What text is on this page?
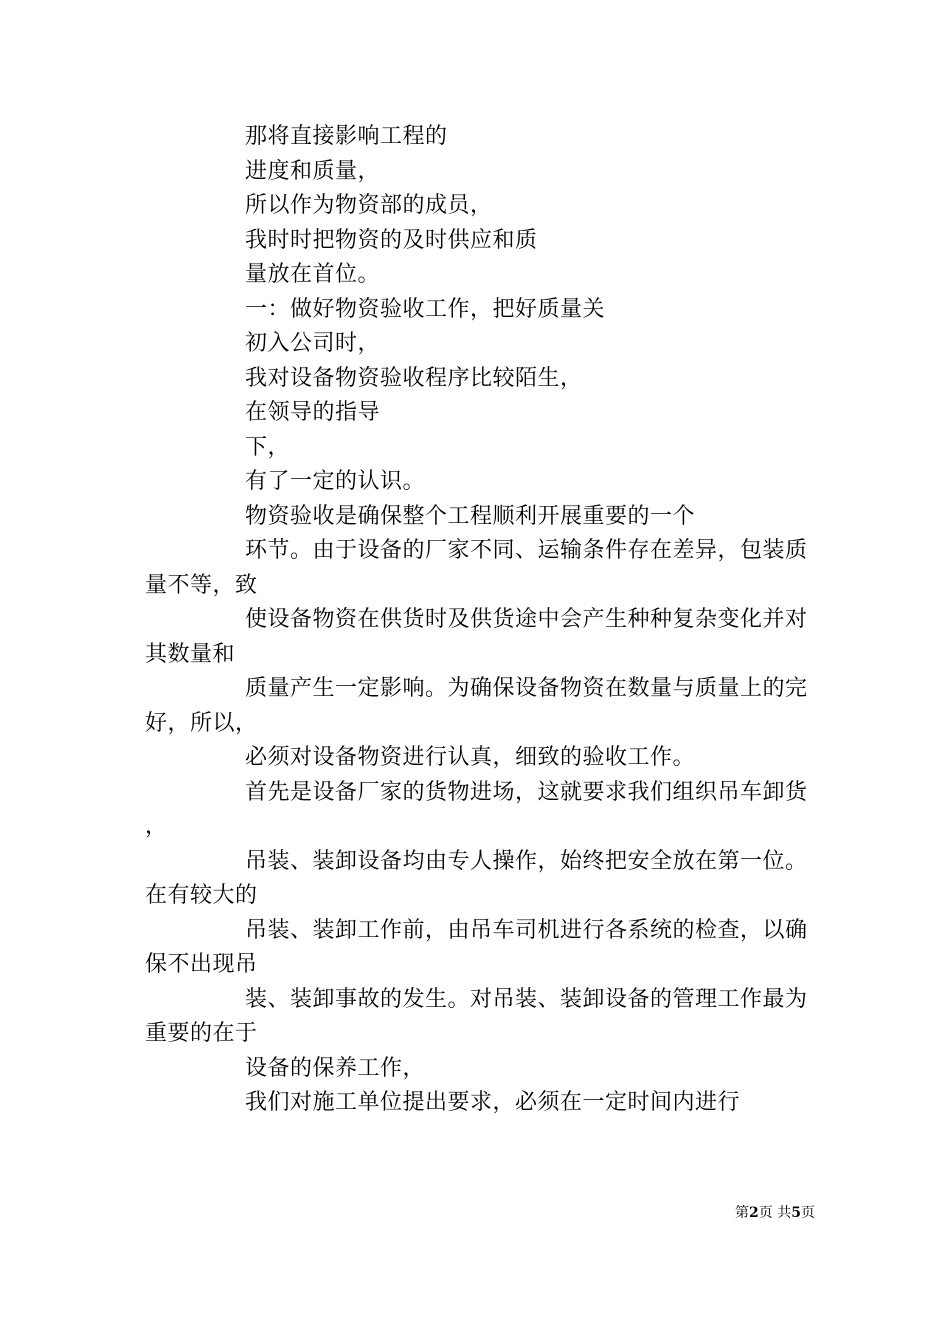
那将直接影响工程的

进度和质量，

所以作为物资部的成员，

我时时把物资的及时供应和质

量放在首位。

一：做好物资验收工作，把好质量关

初入公司时，

我对设备物资验收程序比较陌生，

在领导的指导

下，

有了一定的认识。

物资验收是确保整个工程顺利开展重要的一个

环节。由于设备的厂家不同、运输条件存在差异，包装质
量不等，致

使设备物资在供货时及供货途中会产生种种复杂变化并对
其数量和

质量产生一定影响。为确保设备物资在数量与质量上的完
好，所以，

必须对设备物资进行认真，细致的验收工作。

首先是设备厂家的货物进场，这就要求我们组织吊车卸货
，

吊装、装卸设备均由专人操作，始终把安全放在第一位。
在有较大的

吊装、装卸工作前，由吊车司机进行各系统的检查，以确
保不出现吊

装、装卸事故的发生。对吊装、装卸设备的管理工作最为
重要的在于

设备的保养工作，

我们对施工单位提出要求，必须在一定时间内进行

第2页 共5页
